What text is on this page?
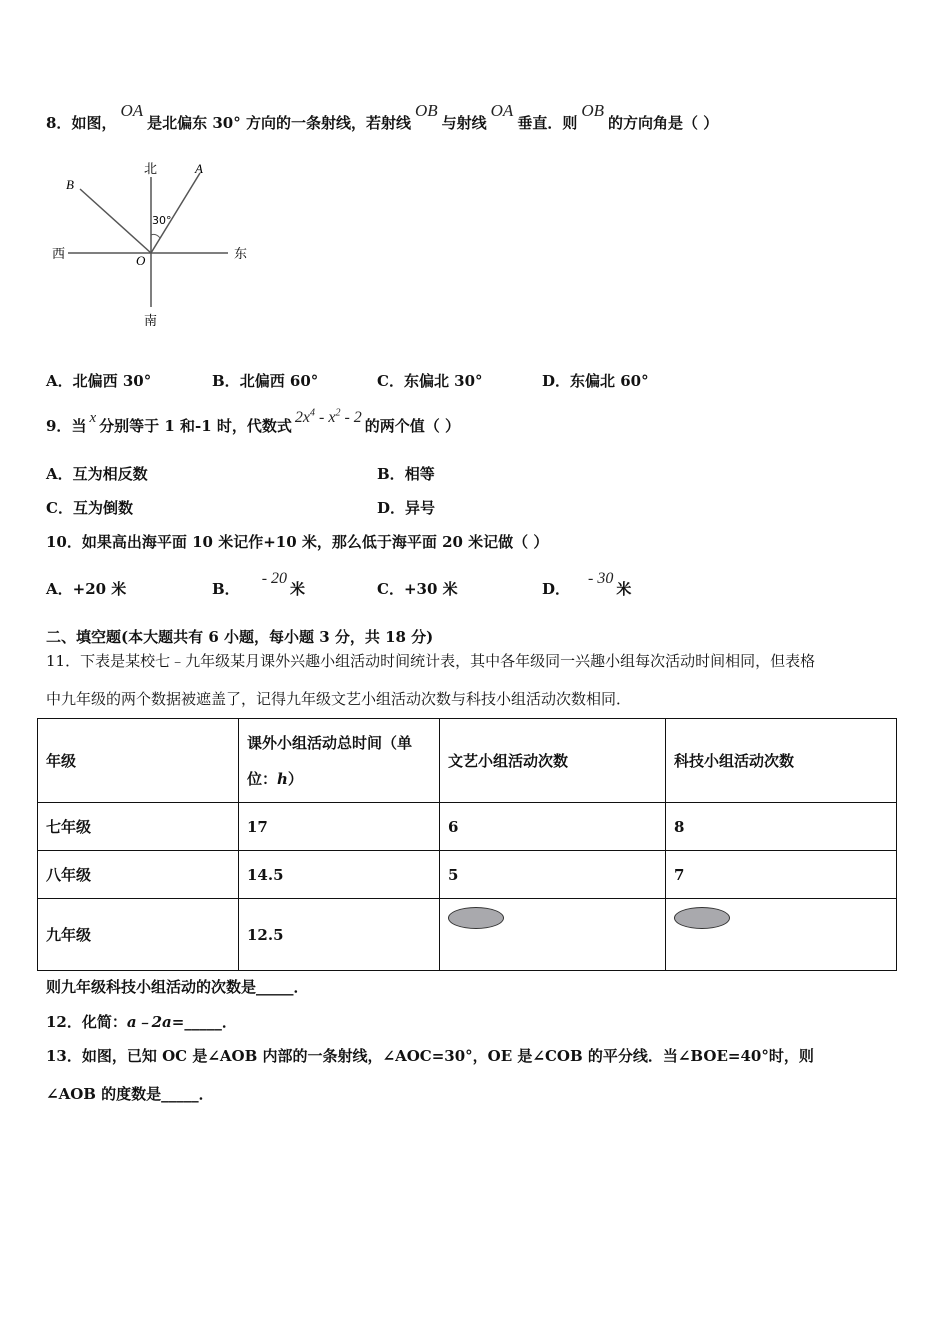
8．如图，OA是北偏东 30° 方向的一条射线，若射线OB与射线OA垂直．则OB的方向角是（ ）
北
南
西	东
A
B
O
30°
A．北偏西 30°	B．北偏西 60°	C．东偏北 30°	D．东偏北 60°
9．当 x 分别等于 1 和-1 时，代数式 $2x^4 - x^2 - 2$ 的两个值（ ）
A．互为相反数	B．相等
C．互为倒数	D．异号
10．如果高出海平面 10 米记作+10 米，那么低于海平面 20 米记做（ ）
A．+20 米	B．- 20米	C．+30 米	D．- 30米
二、填空题(本大题共有 6 小题，每小题 3 分，共 18 分)
11．下表是某校七﹣九年级某月课外兴趣小组活动时间统计表，其中各年级同一兴趣小组每次活动时间相同，但表格
中九年级的两个数据被遮盖了，记得九年级文艺小组活动次数与科技小组活动次数相同．
年级	课外小组活动总时间（单
位：h）	文艺小组活动次数	科技小组活动次数
七年级	17	6	8
八年级	14.5	5	7
九年级	12.5		
则九年级科技小组活动的次数是_____．
12．化简：a﹣2a=_____．
13．如图，已知 OC 是∠AOB 内部的一条射线，∠AOC=30°，OE 是∠COB 的平分线．当∠BOE=40°时，则
∠AOB 的度数是_____．
